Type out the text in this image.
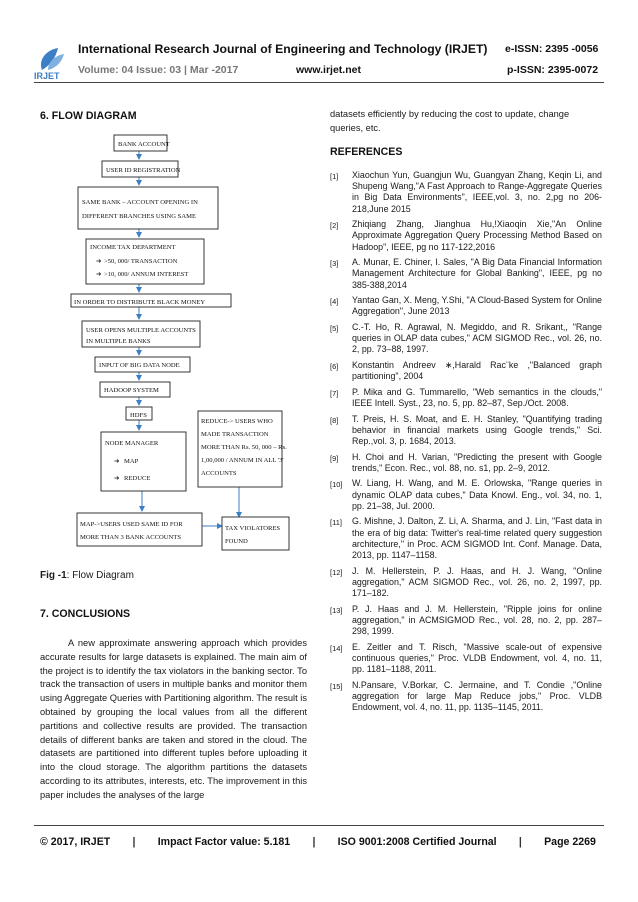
IRJET
International Research Journal of Engineering and Technology (IRJET) e-ISSN: 2395 -0056
Volume: 04 Issue: 03 | Mar -2017	www.irjet.net	p-ISSN: 2395-0072
6. FLOW DIAGRAM
BANK ACCOUNT
USER ID REGISTRATION
SAME BANK – ACCOUNT OPENING IN
DIFFERENT BRANCHES USING SAME
INCOME TAX DEPARTMENT
➔ >50, 000/ TRANSACTION
➔ >10, 000/ ANNUM INTEREST
IN ORDER TO DISTRIBUTE BLACK MONEY
USER OPENS MULTIPLE ACCOUNTS
IN MULTIPLE BANKS
INPUT OF BIG DATA NODE
HADOOP SYSTEM
HDFS
NODE MANAGER
➔ MAP
➔ REDUCE
REDUCE-> USERS WHO
MADE TRANSACTION
MORE THAN Rs. 50, 000 – Rs.
1,00,000 / ANNUM IN ALL '3'
ACCOUNTS
MAP->USERS USED SAME ID FOR
MORE THAN 3 BANK ACCOUNTS
TAX VIOLATORES
FOUND
Fig -1: Flow Diagram
7. CONCLUSIONS
A new approximate answering approach which provides accurate results for large datasets is explained. The main aim of the project is to identify the tax violators in the banking sector. To track the transaction of users in multiple banks and monitor them using Aggregate Queries with Partitioning algorithm. The result is obtained by grouping the local values from all the different partitions and collective results are provided. The transaction details of different banks are taken and stored in the cloud. The datasets are partitioned into different tuples before uploading it into the cloud storage. The algorithm partitions the datasets according to its attributes, interests, etc. The improvement in this paper includes the analyses of the large
datasets efficiently by reducing the cost to update, change queries, etc.
REFERENCES
[1] Xiaochun Yun, Guangjun Wu, Guangyan Zhang, Keqin Li, and Shupeng Wang,"A Fast Approach to Range-Aggregate Queries in Big Data Environments", IEEE,vol. 3, no. 2,pg no 206-218,June 2015
[2] Zhiqiang Zhang, Jianghua Hu,!Xiaoqin Xie,"An Online Approximate Aggregation Query Processing Method Based on Hadoop", IEEE, pg no 117-122,2016
[3] A. Munar, E. Chiner, I. Sales, "A Big Data Financial Information Management Architecture for Global Banking", IEEE, pg no 385-388,2014
[4] Yantao Gan, X. Meng, Y.Shi, "A Cloud-Based System for Online Aggregation", June 2013
[5] C.-T. Ho, R. Agrawal, N. Megiddo, and R. Srikant,, "Range queries in OLAP data cubes," ACM SIGMOD Rec., vol. 26, no. 2, pp. 73–88, 1997.
[6] Konstantin Andreev ∗,Harald Rac¨ke ,"Balanced graph partitioning", 2004
[7] P. Mika and G. Tummarello, "Web semantics in the clouds," IEEE Intell. Syst., 23, no. 5, pp. 82–87, Sep./Oct. 2008.
[8] T. Preis, H. S. Moat, and E. H. Stanley, "Quantifying trading behavior in financial markets using Google trends," Sci. Rep.,vol. 3, p. 1684, 2013.
[9] H. Choi and H. Varian, "Predicting the present with Google trends," Econ. Rec., vol. 88, no. s1, pp. 2–9, 2012.
[10] W. Liang, H. Wang, and M. E. Orlowska, "Range queries in dynamic OLAP data cubes," Data Knowl. Eng., vol. 34, no. 1, pp. 21–38, Jul. 2000.
[11] G. Mishne, J. Dalton, Z. Li, A. Sharma, and J. Lin, "Fast data in the era of big data: Twitter's real-time related query suggestion architecture," in Proc. ACM SIGMOD Int. Conf. Manage. Data, 2013, pp. 1147–1158.
[12] J. M. Hellerstein, P. J. Haas, and H. J. Wang, "Online aggregation," ACM SIGMOD Rec., vol. 26, no. 2, 1997, pp. 171–182.
[13] P. J. Haas and J. M. Hellerstein, "Ripple joins for online aggregation," in ACMSIGMOD Rec., vol. 28, no. 2, pp. 287–298, 1999.
[14] E. Zeitler and T. Risch, "Massive scale-out of expensive continuous queries," Proc. VLDB Endowment, vol. 4, no. 11, pp. 1181–1188, 2011.
[15] N.Pansare, V.Borkar, C. Jermaine, and T. Condie ,"Online aggregation for large Map Reduce jobs," Proc. VLDB Endowment, vol. 4, no. 11, pp. 1135–1145, 2011.
© 2017, IRJET | Impact Factor value: 5.181 | ISO 9001:2008 Certified Journal | Page 2269
